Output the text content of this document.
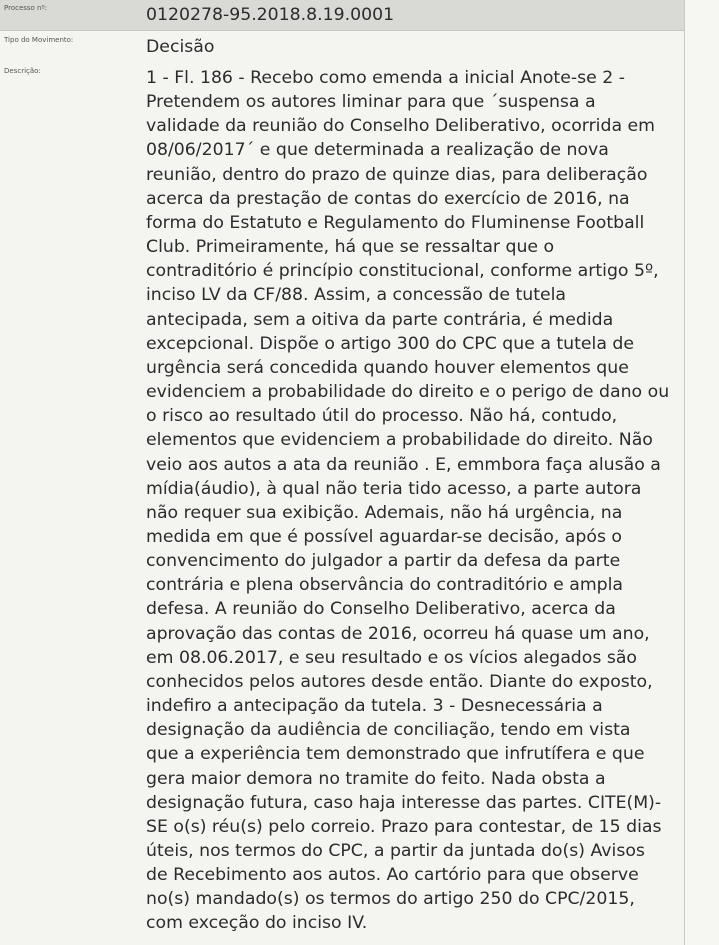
Processo nº:	0120278-95.2018.8.19.0001
Tipo do Movimento:	Decisão
Descrição:	1 - Fl. 186 - Recebo como emenda a inicial Anote-se 2 -
Pretendem os autores liminar para que ´suspensa a
validade da reunião do Conselho Deliberativo, ocorrida em
08/06/2017´ e que determinada a realização de nova
reunião, dentro do prazo de quinze dias, para deliberação
acerca da prestação de contas do exercício de 2016, na
forma do Estatuto e Regulamento do Fluminense Football
Club. Primeiramente, há que se ressaltar que o
contraditório é princípio constitucional, conforme artigo 5º,
inciso LV da CF/88. Assim, a concessão de tutela
antecipada, sem a oitiva da parte contrária, é medida
excepcional. Dispõe o artigo 300 do CPC que a tutela de
urgência será concedida quando houver elementos que
evidenciem a probabilidade do direito e o perigo de dano ou
o risco ao resultado útil do processo. Não há, contudo,
elementos que evidenciem a probabilidade do direito. Não
veio aos autos a ata da reunião . E, emmbora faça alusão a
mídia(áudio), à qual não teria tido acesso, a parte autora
não requer sua exibição. Ademais, não há urgência, na
medida em que é possível aguardar-se decisão, após o
convencimento do julgador a partir da defesa da parte
contrária e plena observância do contraditório e ampla
defesa. A reunião do Conselho Deliberativo, acerca da
aprovação das contas de 2016, ocorreu há quase um ano,
em 08.06.2017, e seu resultado e os vícios alegados são
conhecidos pelos autores desde então. Diante do exposto,
indefiro a antecipação da tutela. 3 - Desnecessária a
designação da audiência de conciliação, tendo em vista
que a experiência tem demonstrado que infrutífera e que
gera maior demora no tramite do feito. Nada obsta a
designação futura, caso haja interesse das partes. CITE(M)-
SE o(s) réu(s) pelo correio. Prazo para contestar, de 15 dias
úteis, nos termos do CPC, a partir da juntada do(s) Avisos
de Recebimento aos autos. Ao cartório para que observe
no(s) mandado(s) os termos do artigo 250 do CPC/2015,
com exceção do inciso IV.
